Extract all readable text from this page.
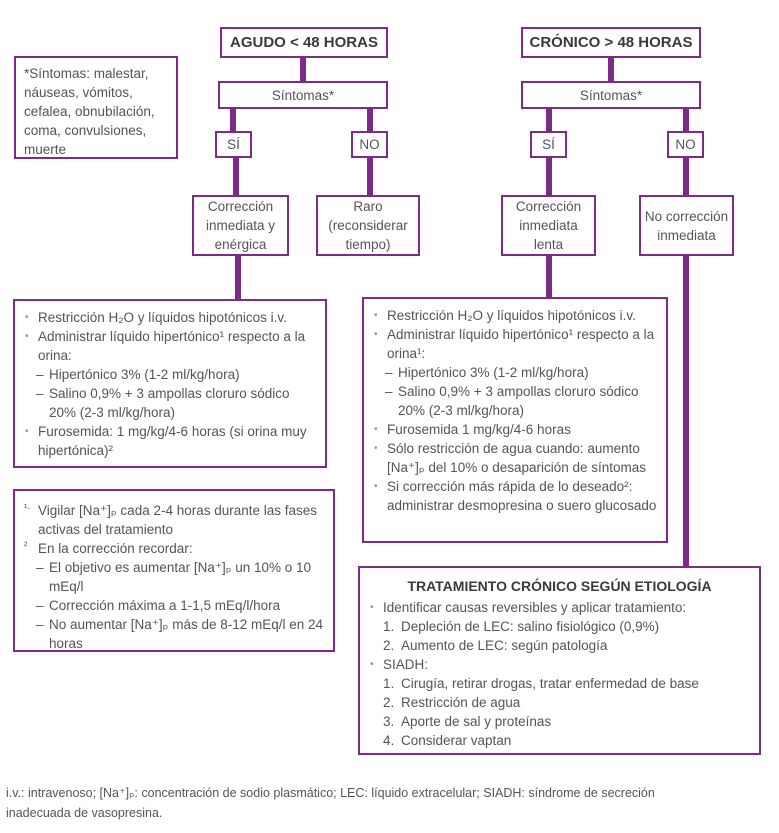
*Síntomas: malestar, náuseas, vómitos, cefalea, obnubilación, coma, convulsiones, muerte
AGUDO < 48 HORAS
Síntomas*
SÍ	NO
Corrección inmediata y enérgica
Raro (reconsiderar tiempo)
• Restricción H₂O y líquidos hipotónicos i.v.
• Administrar líquido hipertónico¹ respecto a la orina:
– Hipertónico 3% (1-2 ml/kg/hora)
– Salino 0,9% + 3 ampollas cloruro sódico 20% (2-3 ml/kg/hora)
• Furosemida: 1 mg/kg/4-6 horas (si orina muy hipertónica)²
CRÓNICO > 48 HORAS
Síntomas*
SÍ	NO
Corrección inmediata lenta
No corrección inmediata
• Restricción H₂O y líquidos hipotónicos i.v.
• Administrar líquido hipertónico¹ respecto a la orina¹:
– Hipertónico 3% (1-2 ml/kg/hora)
– Salino 0,9% + 3 ampollas cloruro sódico 20% (2-3 ml/kg/hora)
• Furosemida 1 mg/kg/4-6 horas
• Sólo restricción de agua cuando: aumento [Na⁺]ₚ del 10% o desaparición de síntomas
• Si corrección más rápida de lo deseado²: administrar desmopresina o suero glucosado
¹· Vigilar [Na⁺]ₚ cada 2-4 horas durante las fases activas del tratamiento
² En la corrección recordar:
– El objetivo es aumentar [Na⁺]ₚ un 10% o 10 mEq/l
– Corrección máxima a 1-1,5 mEq/l/hora
– No aumentar [Na⁺]ₚ más de 8-12 mEq/l en 24 horas
TRATAMIENTO CRÓNICO SEGÚN ETIOLOGÍA
• Identificar causas reversibles y aplicar tratamiento:
1. Depleción de LEC: salino fisiológico (0,9%)
2. Aumento de LEC: según patología
• SIADH:
1. Cirugía, retirar drogas, tratar enfermedad de base
2. Restricción de agua
3. Aporte de sal y proteínas
4. Considerar vaptan
i.v.: intravenoso; [Na⁺]ₚ: concentración de sodio plasmático; LEC: líquido extracelular; SIADH: síndrome de secreción inadecuada de vasopresina.
